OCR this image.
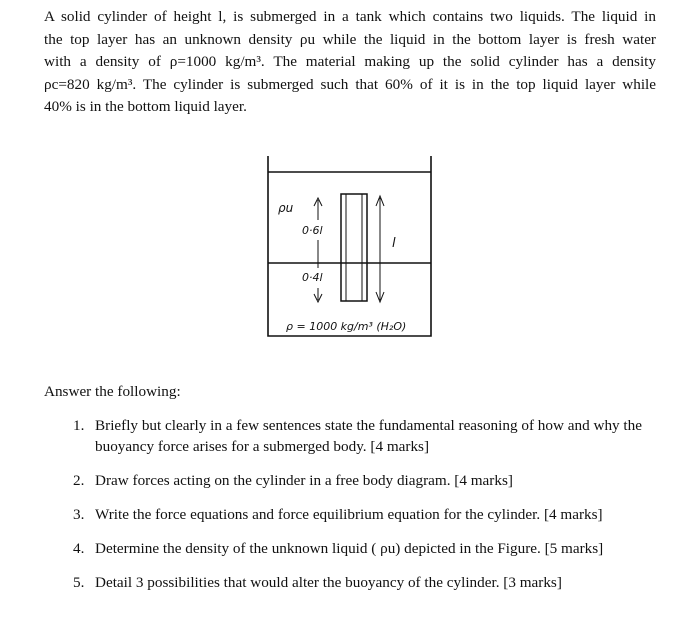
A solid cylinder of height l, is submerged in a tank which contains two liquids. The liquid in
the top layer has an unknown density ρu while the liquid in the bottom layer is fresh water
with a density of ρ=1000 kg/m³. The material making up the solid cylinder has a density
ρc=820 kg/m³. The cylinder is submerged such that 60% of it is in the top liquid layer while
40% is in the bottom liquid layer.
ρu
0·6l
0·4l
l
ρ = 1000 kg/m³ (H₂O)
Answer the following:
1. Briefly but clearly in a few sentences state the fundamental reasoning of how and why the buoyancy force arises for a submerged body. [4 marks]
2. Draw forces acting on the cylinder in a free body diagram. [4 marks]
3. Write the force equations and force equilibrium equation for the cylinder. [4 marks]
4. Determine the density of the unknown liquid ( ρu) depicted in the Figure. [5 marks]
5. Detail 3 possibilities that would alter the buoyancy of the cylinder. [3 marks]
